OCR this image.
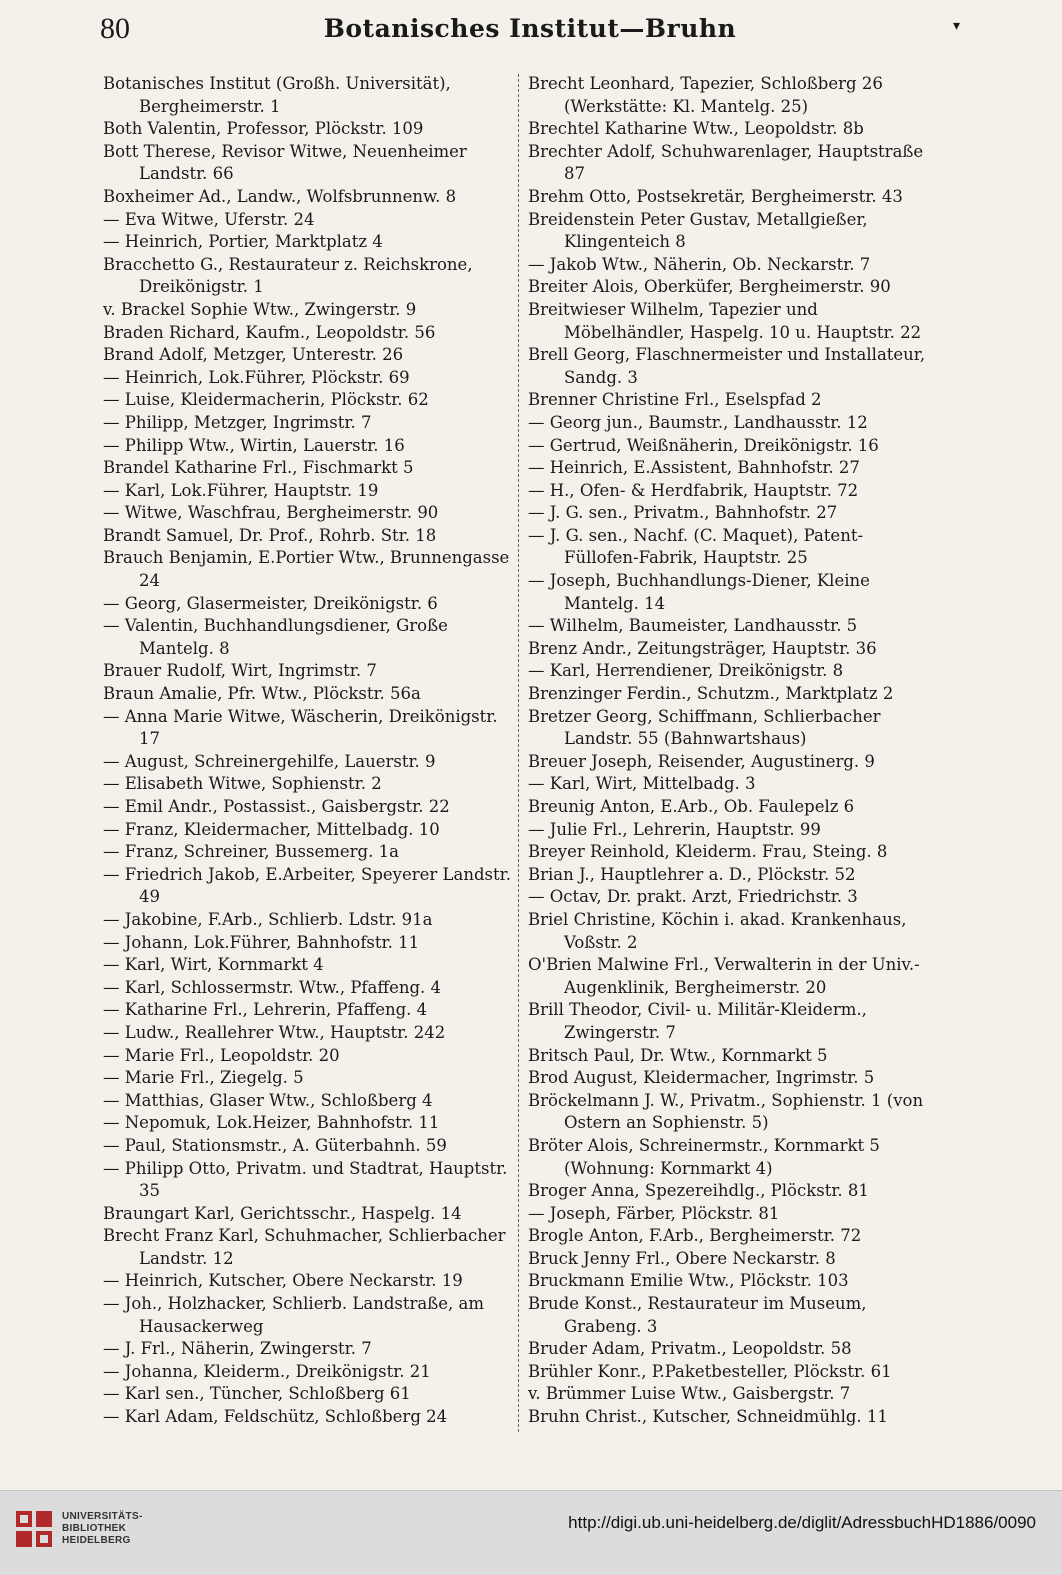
80	Botanisches Institut—Bruhn	▾
Botanisches Institut (Großh. Universität), Bergheimerstr. 1
Both Valentin, Professor, Plöckstr. 109
Bott Therese, Revisor Witwe, Neuenheimer Landstr. 66
Boxheimer Ad., Landw., Wolfsbrunnenw. 8
— Eva Witwe, Uferstr. 24
— Heinrich, Portier, Marktplatz 4
Bracchetto G., Restaurateur z. Reichskrone, Dreikönigstr. 1
v. Brackel Sophie Wtw., Zwingerstr. 9
Braden Richard, Kaufm., Leopoldstr. 56
Brand Adolf, Metzger, Unterestr. 26
— Heinrich, Lok.Führer, Plöckstr. 69
— Luise, Kleidermacherin, Plöckstr. 62
— Philipp, Metzger, Ingrimstr. 7
— Philipp Wtw., Wirtin, Lauerstr. 16
Brandel Katharine Frl., Fischmarkt 5
— Karl, Lok.Führer, Hauptstr. 19
— Witwe, Waschfrau, Bergheimerstr. 90
Brandt Samuel, Dr. Prof., Rohrb. Str. 18
Brauch Benjamin, E.Portier Wtw., Brunnengasse 24
— Georg, Glasermeister, Dreikönigstr. 6
— Valentin, Buchhandlungsdiener, Große Mantelg. 8
Brauer Rudolf, Wirt, Ingrimstr. 7
Braun Amalie, Pfr. Wtw., Plöckstr. 56a
— Anna Marie Witwe, Wäscherin, Dreikönigstr. 17
— August, Schreinergehilfe, Lauerstr. 9
— Elisabeth Witwe, Sophienstr. 2
— Emil Andr., Postassist., Gaisbergstr. 22
— Franz, Kleidermacher, Mittelbadg. 10
— Franz, Schreiner, Bussemerg. 1a
— Friedrich Jakob, E.Arbeiter, Speyerer Landstr. 49
— Jakobine, F.Arb., Schlierb. Ldstr. 91a
— Johann, Lok.Führer, Bahnhofstr. 11
— Karl, Wirt, Kornmarkt 4
— Karl, Schlossermstr. Wtw., Pfaffeng. 4
— Katharine Frl., Lehrerin, Pfaffeng. 4
— Ludw., Reallehrer Wtw., Hauptstr. 242
— Marie Frl., Leopoldstr. 20
— Marie Frl., Ziegelg. 5
— Matthias, Glaser Wtw., Schloßberg 4
— Nepomuk, Lok.Heizer, Bahnhofstr. 11
— Paul, Stationsmstr., A. Güterbahnh. 59
— Philipp Otto, Privatm. und Stadtrat, Hauptstr. 35
Braungart Karl, Gerichtsschr., Haspelg. 14
Brecht Franz Karl, Schuhmacher, Schlierbacher Landstr. 12
— Heinrich, Kutscher, Obere Neckarstr. 19
— Joh., Holzhacker, Schlierb. Landstraße, am Hausackerweg
— J. Frl., Näherin, Zwingerstr. 7
— Johanna, Kleiderm., Dreikönigstr. 21
— Karl sen., Tüncher, Schloßberg 61
— Karl Adam, Feldschütz, Schloßberg 24
Brecht Leonhard, Tapezier, Schloßberg 26 (Werkstätte: Kl. Mantelg. 25)
Brechtel Katharine Wtw., Leopoldstr. 8b
Brechter Adolf, Schuhwarenlager, Hauptstraße 87
Brehm Otto, Postsekretär, Bergheimerstr. 43
Breidenstein Peter Gustav, Metallgießer, Klingenteich 8
— Jakob Wtw., Näherin, Ob. Neckarstr. 7
Breiter Alois, Oberküfer, Bergheimerstr. 90
Breitwieser Wilhelm, Tapezier und Möbelhändler, Haspelg. 10 u. Hauptstr. 22
Brell Georg, Flaschnermeister und Installateur, Sandg. 3
Brenner Christine Frl., Eselspfad 2
— Georg jun., Baumstr., Landhausstr. 12
— Gertrud, Weißnäherin, Dreikönigstr. 16
— Heinrich, E.Assistent, Bahnhofstr. 27
— H., Ofen- & Herdfabrik, Hauptstr. 72
— J. G. sen., Privatm., Bahnhofstr. 27
— J. G. sen., Nachf. (C. Maquet), Patent-Füllofen-Fabrik, Hauptstr. 25
— Joseph, Buchhandlungs-Diener, Kleine Mantelg. 14
— Wilhelm, Baumeister, Landhausstr. 5
Brenz Andr., Zeitungsträger, Hauptstr. 36
— Karl, Herrendiener, Dreikönigstr. 8
Brenzinger Ferdin., Schutzm., Marktplatz 2
Bretzer Georg, Schiffmann, Schlierbacher Landstr. 55 (Bahnwartshaus)
Breuer Joseph, Reisender, Augustinerg. 9
— Karl, Wirt, Mittelbadg. 3
Breunig Anton, E.Arb., Ob. Faulepelz 6
— Julie Frl., Lehrerin, Hauptstr. 99
Breyer Reinhold, Kleiderm. Frau, Steing. 8
Brian J., Hauptlehrer a. D., Plöckstr. 52
— Octav, Dr. prakt. Arzt, Friedrichstr. 3
Briel Christine, Köchin i. akad. Krankenhaus, Voßstr. 2
O'Brien Malwine Frl., Verwalterin in der Univ.-Augenklinik, Bergheimerstr. 20
Brill Theodor, Civil- u. Militär-Kleiderm., Zwingerstr. 7
Britsch Paul, Dr. Wtw., Kornmarkt 5
Brod August, Kleidermacher, Ingrimstr. 5
Bröckelmann J. W., Privatm., Sophienstr. 1 (von Ostern an Sophienstr. 5)
Bröter Alois, Schreinermstr., Kornmarkt 5 (Wohnung: Kornmarkt 4)
Broger Anna, Spezereihdlg., Plöckstr. 81
— Joseph, Färber, Plöckstr. 81
Brogle Anton, F.Arb., Bergheimerstr. 72
Bruck Jenny Frl., Obere Neckarstr. 8
Bruckmann Emilie Wtw., Plöckstr. 103
Brude Konst., Restaurateur im Museum, Grabeng. 3
Bruder Adam, Privatm., Leopoldstr. 58
Brühler Konr., P.Paketbesteller, Plöckstr. 61
v. Brümmer Luise Wtw., Gaisbergstr. 7
Bruhn Christ., Kutscher, Schneidmühlg. 11
UNIVERSITÄTS-
BIBLIOTHEK
HEIDELBERG
http://digi.ub.uni-heidelberg.de/diglit/AdressbuchHD1886/0090
